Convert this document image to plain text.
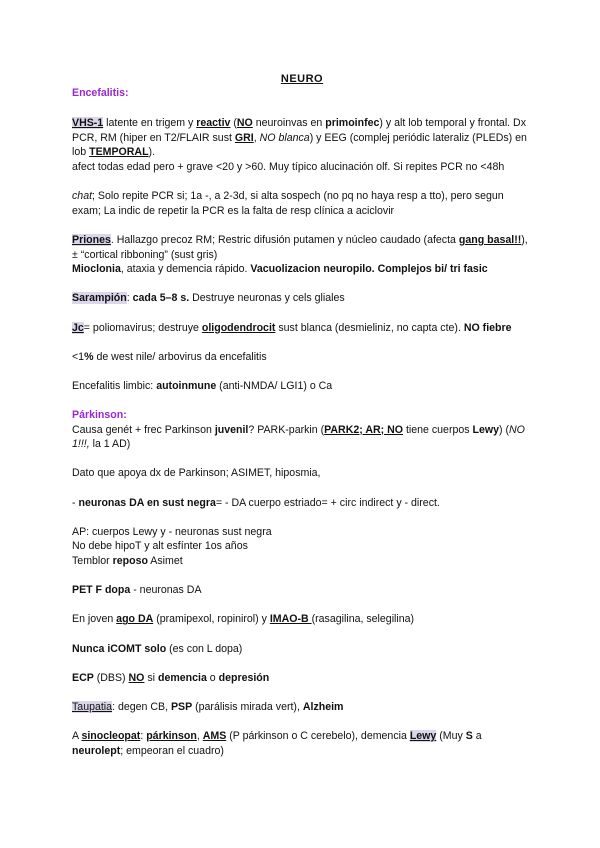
NEURO

Encefalitis:

VHS-1 latente en trigem y reactiv (NO neuroinvas en primoinfec) y alt lob temporal y frontal. Dx PCR, RM (hiper en T2/FLAIR sust GRI, NO blanca) y EEG (complej periódic lateraliz (PLEDs) en lob TEMPORAL).

afect todas edad pero + grave <20 y >60. Muy típico alucinación olf. Si repites PCR no <48h

chat; Solo repite PCR si; 1a -, a 2-3d, si alta sospech (no pq no haya resp a tto), pero segun exam; La indic de repetir la PCR es la falta de resp clínica a aciclovir

Priones. Hallazgo precoz RM; Restric difusión putamen y núcleo caudado (afecta gang basal!!), ± “cortical ribboning” (sust gris)

Mioclonia, ataxia y demencia rápido. Vacuolizacion neuropilo. Complejos bi/ tri fasic

Sarampión: cada 5–8 s. Destruye neuronas y cels gliales

Jc= poliomavirus; destruye oligodendrocit sust blanca (desmieliniz, no capta cte). NO fiebre

<1% de west nile/ arbovirus da encefalitis

Encefalitis limbic: autoinmune (anti-NMDA/ LGI1) o Ca

Párkinson:

Causa genét + frec Parkinson juvenil? PARK-parkin (PARK2; AR; NO tiene cuerpos Lewy) (NO 1!!!, la 1 AD)

Dato que apoya dx de Parkinson; ASIMET, hiposmia,

- neuronas DA en sust negra= - DA cuerpo estriado= + circ indirect y - direct.

AP: cuerpos Lewy y - neuronas sust negra

No debe hipoT y alt esfínter 1os años

Temblor reposo Asimet

PET F dopa - neuronas DA

En joven ago DA (pramipexol, ropinirol) y IMAO-B (rasagilina, selegilina)

Nunca iCOMT solo (es con L dopa)

ECP (DBS) NO si demencia o depresión

Taupatia: degen CB, PSP (parálisis mirada vert), Alzheim

A sinocleopat: párkinson, AMS (P párkinson o C cerebelo), demencia Lewy (Muy S a neurolept; empeoran el cuadro)
